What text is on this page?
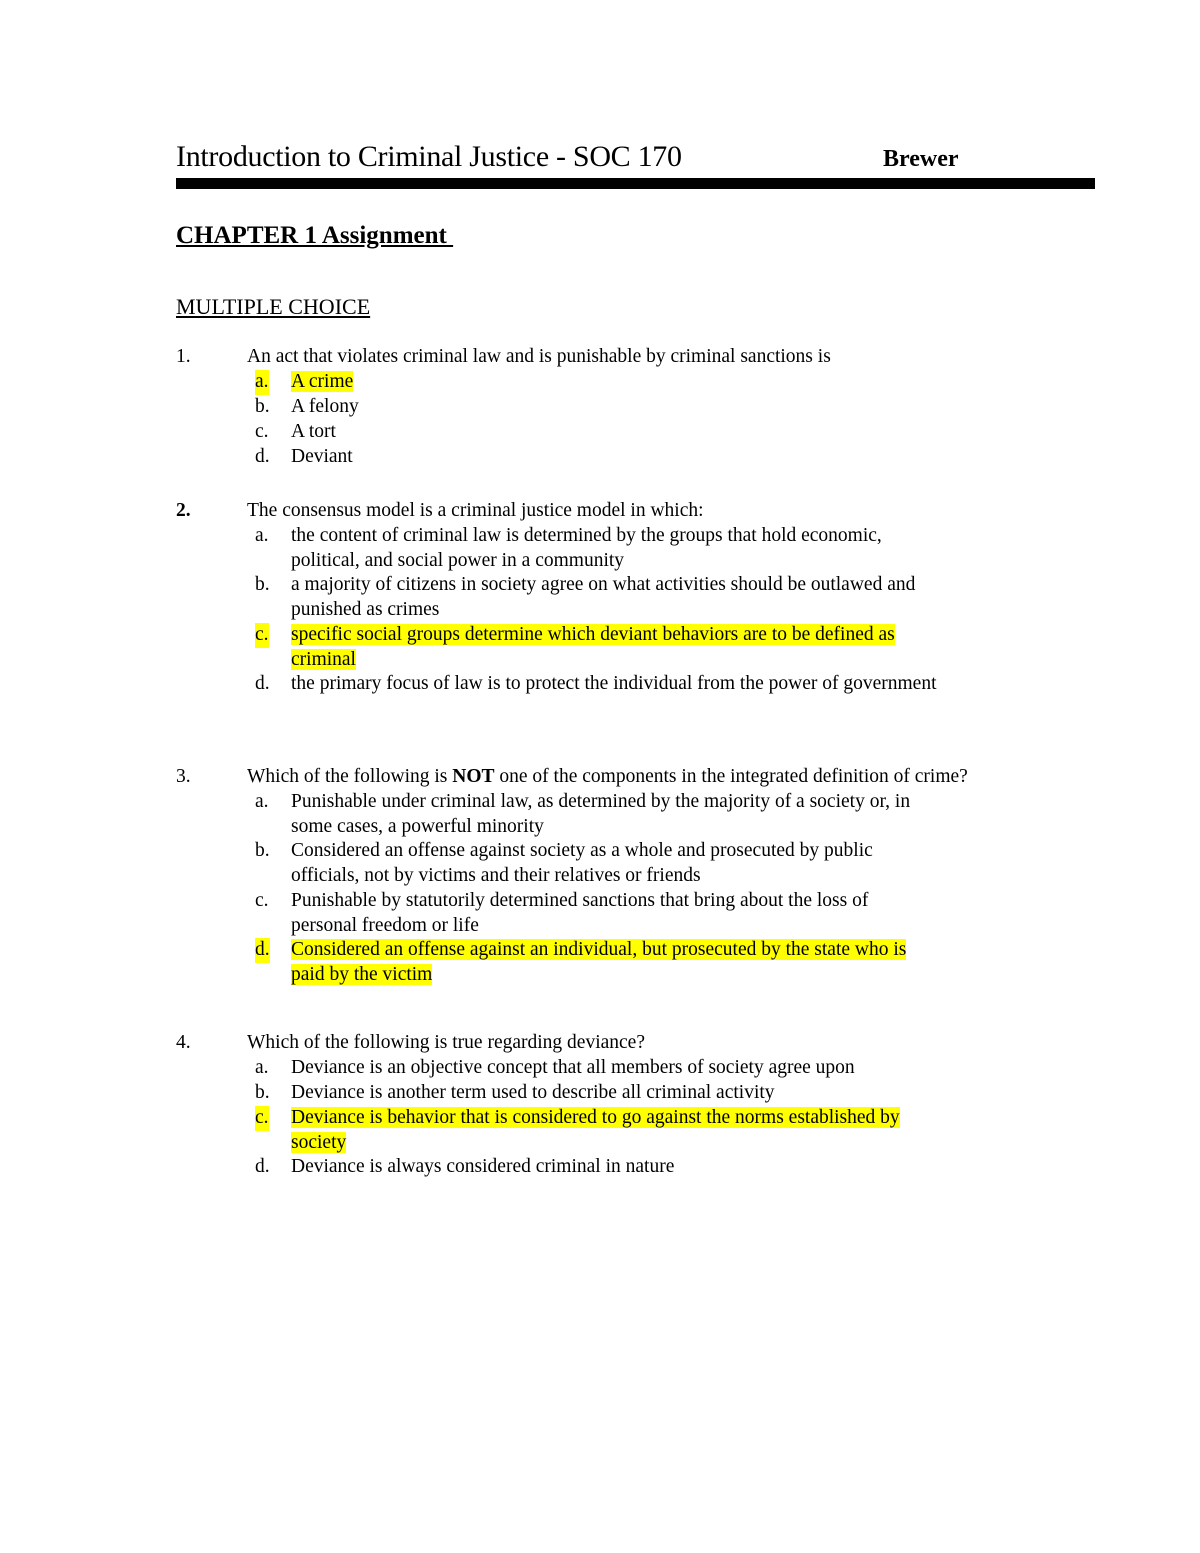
Introduction to Criminal Justice - SOC 170	Brewer
CHAPTER 1 Assignment
MULTIPLE CHOICE
1.	An act that violates criminal law and is punishable by criminal sanctions is
a. A crime
b. A felony
c. A tort
d. Deviant
2.	The consensus model is a criminal justice model in which:
a. the content of criminal law is determined by the groups that hold economic,
political, and social power in a community
b. a majority of citizens in society agree on what activities should be outlawed and
punished as crimes
c. specific social groups determine which deviant behaviors are to be defined as
criminal
d. the primary focus of law is to protect the individual from the power of government
3.	Which of the following is NOT one of the components in the integrated definition of crime?
a. Punishable under criminal law, as determined by the majority of a society or, in
some cases, a powerful minority
b. Considered an offense against society as a whole and prosecuted by public
officials, not by victims and their relatives or friends
c. Punishable by statutorily determined sanctions that bring about the loss of
personal freedom or life
d. Considered an offense against an individual, but prosecuted by the state who is
paid by the victim
4.	Which of the following is true regarding deviance?
a. Deviance is an objective concept that all members of society agree upon
b. Deviance is another term used to describe all criminal activity
c. Deviance is behavior that is considered to go against the norms established by
society
d. Deviance is always considered criminal in nature
